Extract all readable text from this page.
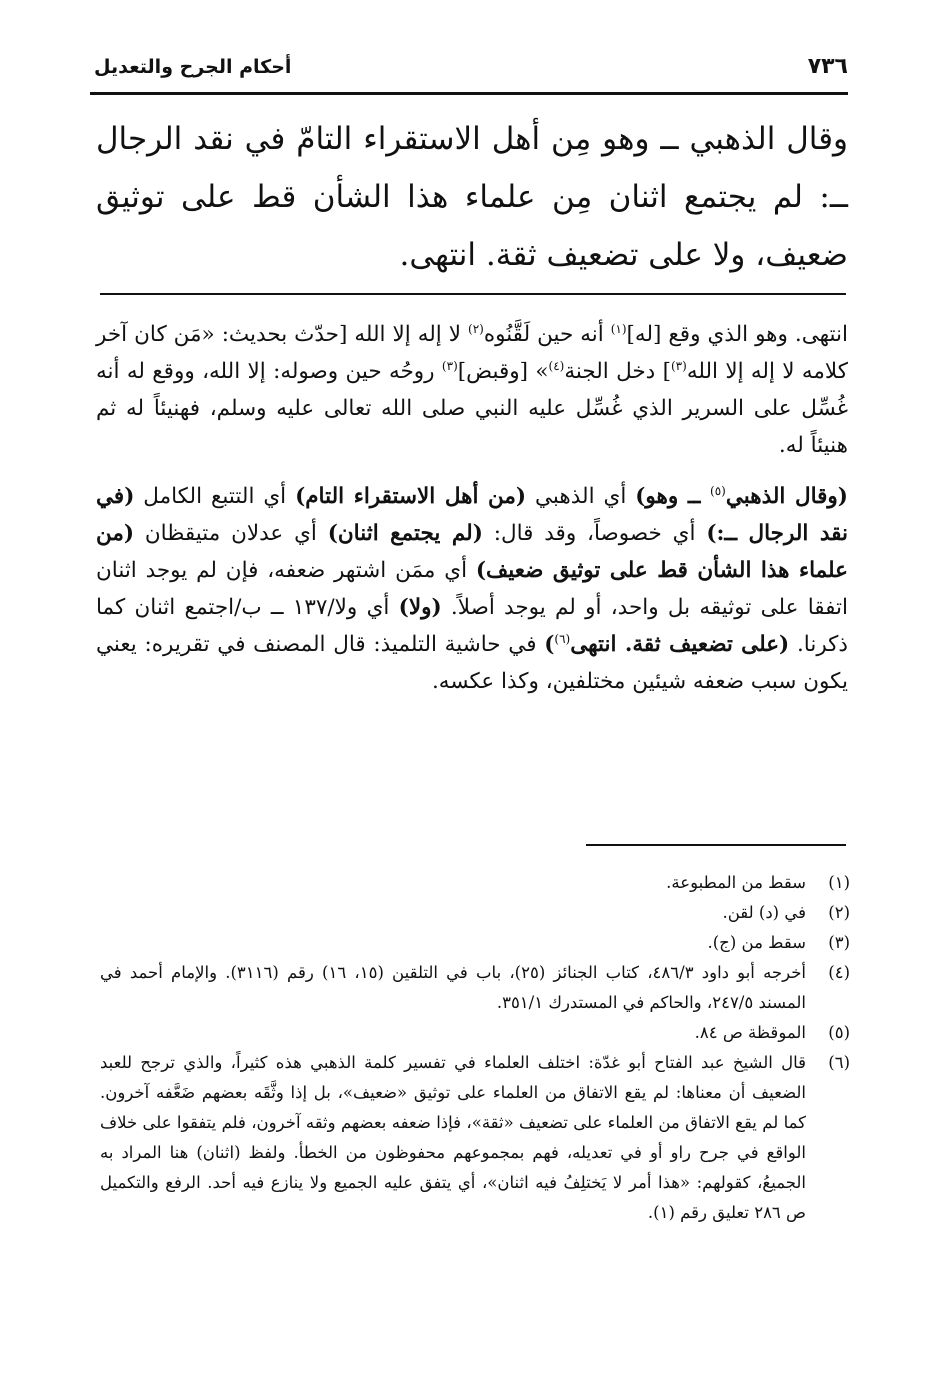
٧٣٦
أحكام الجرح والتعديل
وقال الذهبي ــ وهو مِن أهل الاستقراء التامّ في نقد الرجال ــ: لم يجتمع اثنان مِن علماء هذا الشأن قط على توثيق ضعيف، ولا على تضعيف ثقة. انتهى.

انتهى. وهو الذي وقع [له]$^{(١)}$ أنه حين لَقَّنُوه$^{(٢)}$ لا إله إلا الله [حدّث بحديث: «مَن كان آخر كلامه لا إله إلا الله$^{(٣)}$] دخل الجنة$^{(٤)}$» [وقبض]$^{(٣)}$ روحُه حين وصوله: إلا الله، ووقع له أنه غُسِّل على السرير الذي غُسِّل عليه النبي صلى الله تعالى عليه وسلم، فهنيئاً له ثم هنيئاً له.

(وقال الذهبي$^{(٥)}$ ــ وهو) أي الذهبي (من أهل الاستقراء التام) أي التتبع الكامل (في نقد الرجال ــ:) أي خصوصاً، وقد قال: (لم يجتمع اثنان) أي عدلان متيقظان (من علماء هذا الشأن قط على توثيق ضعيف) أي ممَن اشتهر ضعفه، فإن لم يوجد اثنان اتفقا على توثيقه بل واحد، أو لم يوجد أصلاً. (ولا) أي ولا/١٣٧ ــ ب/اجتمع اثنان كما ذكرنا. (على تضعيف ثقة. انتهى$^{(٦)}$) في حاشية التلميذ: قال المصنف في تقريره: يعني يكون سبب ضعفه شيئين مختلفين، وكذا عكسه.

(١)
سقط من المطبوعة.
(٢)
في (د) لقن.
(٣)
سقط من (ج).
(٤)
أخرجه أبو داود ٤٨٦/٣، كتاب الجنائز (٢٥)، باب في التلقين (١٥، ١٦) رقم (٣١١٦). والإمام أحمد في المسند ٢٤٧/٥، والحاكم في المستدرك ٣٥١/١.
(٥)
الموقظة ص ٨٤.
(٦)
قال الشيخ عبد الفتاح أبو غدّة: اختلف العلماء في تفسير كلمة الذهبي هذه كثيراً، والذي ترجح للعبد الضعيف أن معناها: لم يقع الاتفاق من العلماء على توثيق «ضعيف»، بل إذا وثَّقَه بعضهم ضَعَّفه آخرون. كما لم يقع الاتفاق من العلماء على تضعيف «ثقة»، فإذا ضعفه بعضهم وثقه آخرون، فلم يتفقوا على خلاف الواقع في جرح راو أو في تعديله، فهم بمجموعهم محفوظون من الخطأ. ولفظ (اثنان) هنا المراد به الجميعُ، كقولهم: «هذا أمر لا يَختلِفُ فيه اثنان»، أي يتفق عليه الجميع ولا ينازع فيه أحد. الرفع والتكميل ص ٢٨٦ تعليق رقم (١).
